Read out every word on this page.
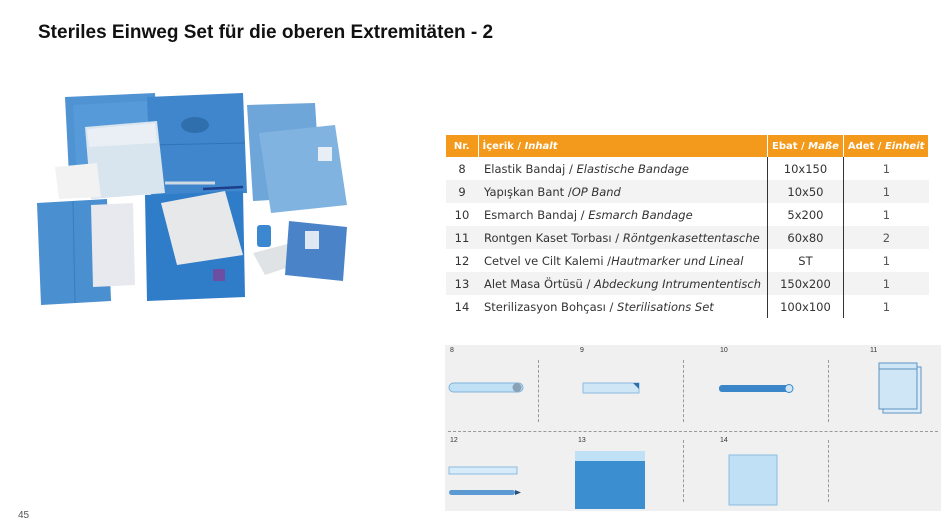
Steriles Einweg Set für die oberen Extremitäten - 2
Nr.	İçerik / Inhalt	Ebat / Maße	Adet / Einheit
8	Elastik Bandaj / Elastische Bandage	10x150	1
9	Yapışkan Bant /OP Band	10x50	1
10	Esmarch Bandaj / Esmarch Bandage	5x200	1
11	Rontgen Kaset Torbası / Röntgenkasettentasche	60x80	2
12	Cetvel ve Cilt Kalemi /Hautmarker und Lineal	ST	1
13	Alet Masa Örtüsü / Abdeckung Intrumententisch	150x200	1
14	Sterilizasyon Bohçası / Sterilisations Set	100x100	1
8	9	10	11
12	13	14
45
